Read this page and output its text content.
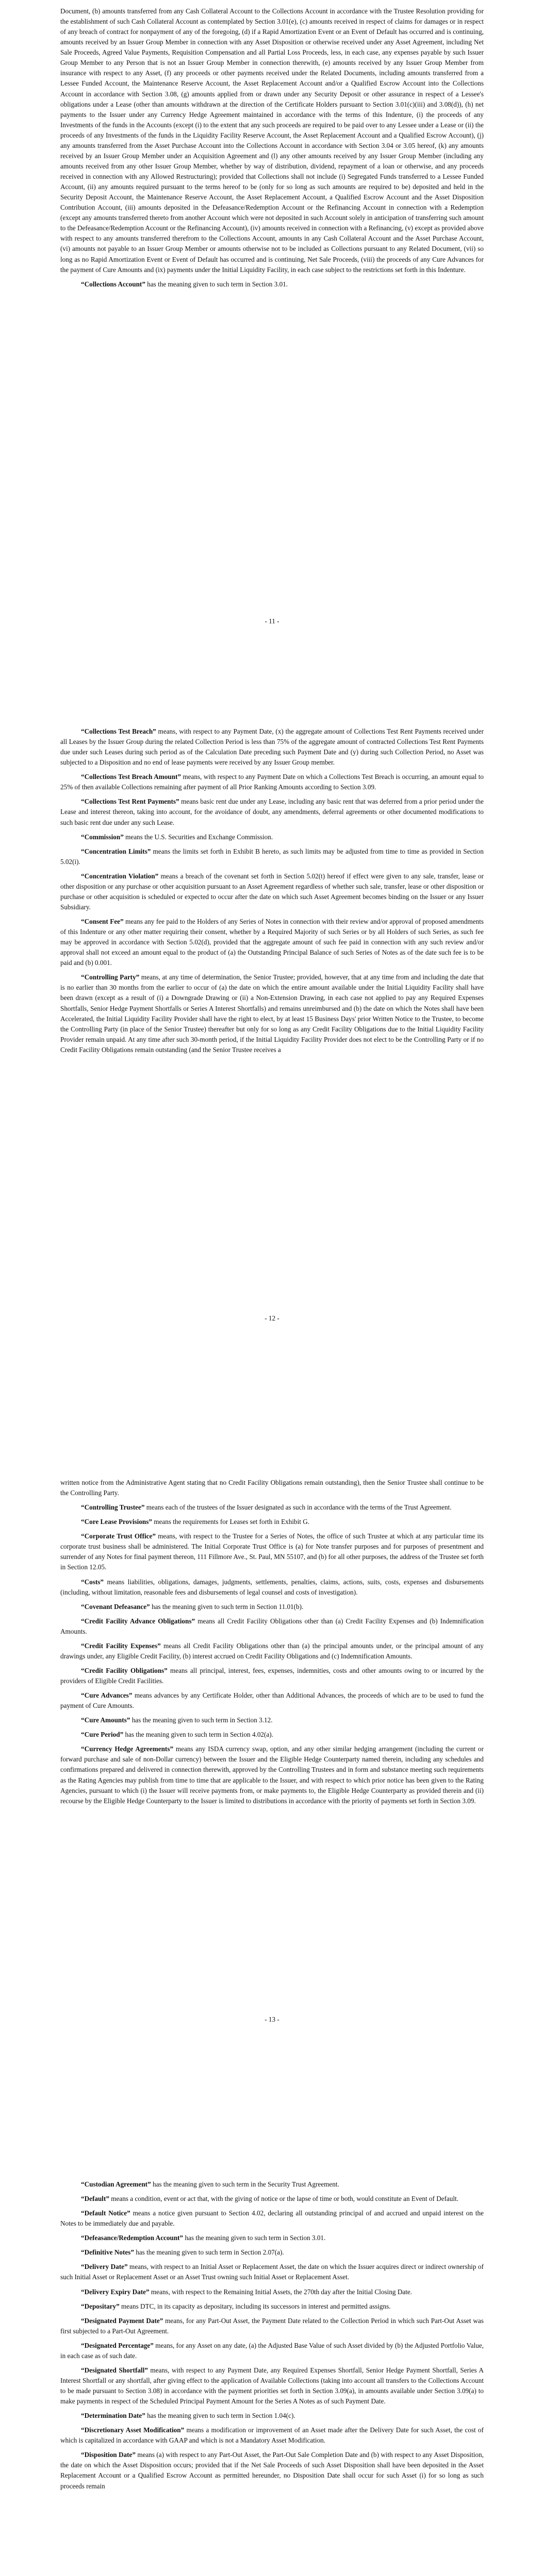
Document, (b) amounts transferred from any Cash Collateral Account to the Collections Account in accordance with the Trustee Resolution providing for the establishment of such Cash Collateral Account as contemplated by Section 3.01(e), (c) amounts received in respect of claims for damages or in respect of any breach of contract for nonpayment of any of the foregoing, (d) if a Rapid Amortization Event or an Event of Default has occurred and is continuing, amounts received by an Issuer Group Member in connection with any Asset Disposition or otherwise received under any Asset Agreement, including Net Sale Proceeds, Agreed Value Payments, Requisition Compensation and all Partial Loss Proceeds, less, in each case, any expenses payable by such Issuer Group Member to any Person that is not an Issuer Group Member in connection therewith, (e) amounts received by any Issuer Group Member from insurance with respect to any Asset, (f) any proceeds or other payments received under the Related Documents, including amounts transferred from a Lessee Funded Account, the Maintenance Reserve Account, the Asset Replacement Account and/or a Qualified Escrow Account into the Collections Account in accordance with Section 3.08, (g) amounts applied from or drawn under any Security Deposit or other assurance in respect of a Lessee's obligations under a Lease (other than amounts withdrawn at the direction of the Certificate Holders pursuant to Section 3.01(c)(iii) and 3.08(d)), (h) net payments to the Issuer under any Currency Hedge Agreement maintained in accordance with the terms of this Indenture, (i) the proceeds of any Investments of the funds in the Accounts (except (i) to the extent that any such proceeds are required to be paid over to any Lessee under a Lease or (ii) the proceeds of any Investments of the funds in the Liquidity Facility Reserve Account, the Asset Replacement Account and a Qualified Escrow Account), (j) any amounts transferred from the Asset Purchase Account into the Collections Account in accordance with Section 3.04 or 3.05 hereof, (k) any amounts received by an Issuer Group Member under an Acquisition Agreement and (l) any other amounts received by any Issuer Group Member (including any amounts received from any other Issuer Group Member, whether by way of distribution, dividend, repayment of a loan or otherwise, and any proceeds received in connection with any Allowed Restructuring); provided that Collections shall not include (i) Segregated Funds transferred to a Lessee Funded Account, (ii) any amounts required pursuant to the terms hereof to be (only for so long as such amounts are required to be) deposited and held in the Security Deposit Account, the Maintenance Reserve Account, the Asset Replacement Account, a Qualified Escrow Account and the Asset Disposition Contribution Account, (iii) amounts deposited in the Defeasance/Redemption Account or the Refinancing Account in connection with a Redemption (except any amounts transferred thereto from another Account which were not deposited in such Account solely in anticipation of transferring such amount to the Defeasance/Redemption Account or the Refinancing Account), (iv) amounts received in connection with a Refinancing, (v) except as provided above with respect to any amounts transferred therefrom to the Collections Account, amounts in any Cash Collateral Account and the Asset Purchase Account, (vi) amounts not payable to an Issuer Group Member or amounts otherwise not to be included as Collections pursuant to any Related Document, (vii) so long as no Rapid Amortization Event or Event of Default has occurred and is continuing, Net Sale Proceeds, (viii) the proceeds of any Cure Advances for the payment of Cure Amounts and (ix) payments under the Initial Liquidity Facility, in each case subject to the restrictions set forth in this Indenture.

“Collections Account” has the meaning given to such term in Section 3.01.

- 11 -

“Collections Test Breach” means, with respect to any Payment Date, (x) the aggregate amount of Collections Test Rent Payments received under all Leases by the Issuer Group during the related Collection Period is less than 75% of the aggregate amount of contracted Collections Test Rent Payments due under such Leases during such period as of the Calculation Date preceding such Payment Date and (y) during such Collection Period, no Asset was subjected to a Disposition and no end of lease payments were received by any Issuer Group member.

“Collections Test Breach Amount” means, with respect to any Payment Date on which a Collections Test Breach is occurring, an amount equal to 25% of then available Collections remaining after payment of all Prior Ranking Amounts according to Section 3.09.

“Collections Test Rent Payments” means basic rent due under any Lease, including any basic rent that was deferred from a prior period under the Lease and interest thereon, taking into account, for the avoidance of doubt, any amendments, deferral agreements or other documented modifications to such basic rent due under any such Lease.

“Commission” means the U.S. Securities and Exchange Commission.

“Concentration Limits” means the limits set forth in Exhibit B hereto, as such limits may be adjusted from time to time as provided in Section 5.02(i).

“Concentration Violation” means a breach of the covenant set forth in Section 5.02(t) hereof if effect were given to any sale, transfer, lease or other disposition or any purchase or other acquisition pursuant to an Asset Agreement regardless of whether such sale, transfer, lease or other disposition or purchase or other acquisition is scheduled or expected to occur after the date on which such Asset Agreement becomes binding on the Issuer or any Issuer Subsidiary.

“Consent Fee” means any fee paid to the Holders of any Series of Notes in connection with their review and/or approval of proposed amendments of this Indenture or any other matter requiring their consent, whether by a Required Majority of such Series or by all Holders of such Series, as such fee may be approved in accordance with Section 5.02(d), provided that the aggregate amount of such fee paid in connection with any such review and/or approval shall not exceed an amount equal to the product of (a) the Outstanding Principal Balance of such Series of Notes as of the date such fee is to be paid and (b) 0.001.

“Controlling Party” means, at any time of determination, the Senior Trustee; provided, however, that at any time from and including the date that is no earlier than 30 months from the earlier to occur of (a) the date on which the entire amount available under the Initial Liquidity Facility shall have been drawn (except as a result of (i) a Downgrade Drawing or (ii) a Non-Extension Drawing, in each case not applied to pay any Required Expenses Shortfalls, Senior Hedge Payment Shortfalls or Series A Interest Shortfalls) and remains unreimbursed and (b) the date on which the Notes shall have been Accelerated, the Initial Liquidity Facility Provider shall have the right to elect, by at least 15 Business Days' prior Written Notice to the Trustee, to become the Controlling Party (in place of the Senior Trustee) thereafter but only for so long as any Credit Facility Obligations due to the Initial Liquidity Facility Provider remain unpaid. At any time after such 30-month period, if the Initial Liquidity Facility Provider does not elect to be the Controlling Party or if no Credit Facility Obligations remain outstanding (and the Senior Trustee receives a

- 12 -

written notice from the Administrative Agent stating that no Credit Facility Obligations remain outstanding), then the Senior Trustee shall continue to be the Controlling Party.

“Controlling Trustee” means each of the trustees of the Issuer designated as such in accordance with the terms of the Trust Agreement.

“Core Lease Provisions” means the requirements for Leases set forth in Exhibit G.

“Corporate Trust Office” means, with respect to the Trustee for a Series of Notes, the office of such Trustee at which at any particular time its corporate trust business shall be administered. The Initial Corporate Trust Office is (a) for Note transfer purposes and for purposes of presentment and surrender of any Notes for final payment thereon, 111 Fillmore Ave., St. Paul, MN 55107, and (b) for all other purposes, the address of the Trustee set forth in Section 12.05.

“Costs” means liabilities, obligations, damages, judgments, settlements, penalties, claims, actions, suits, costs, expenses and disbursements (including, without limitation, reasonable fees and disbursements of legal counsel and costs of investigation).

“Covenant Defeasance” has the meaning given to such term in Section 11.01(b).

“Credit Facility Advance Obligations” means all Credit Facility Obligations other than (a) Credit Facility Expenses and (b) Indemnification Amounts.

“Credit Facility Expenses” means all Credit Facility Obligations other than (a) the principal amounts under, or the principal amount of any drawings under, any Eligible Credit Facility, (b) interest accrued on Credit Facility Obligations and (c) Indemnification Amounts.

“Credit Facility Obligations” means all principal, interest, fees, expenses, indemnities, costs and other amounts owing to or incurred by the providers of Eligible Credit Facilities.

“Cure Advances” means advances by any Certificate Holder, other than Additional Advances, the proceeds of which are to be used to fund the payment of Cure Amounts.

“Cure Amounts” has the meaning given to such term in Section 3.12.

“Cure Period” has the meaning given to such term in Section 4.02(a).

“Currency Hedge Agreements” means any ISDA currency swap, option, and any other similar hedging arrangement (including the current or forward purchase and sale of non-Dollar currency) between the Issuer and the Eligible Hedge Counterparty named therein, including any schedules and confirmations prepared and delivered in connection therewith, approved by the Controlling Trustees and in form and substance meeting such requirements as the Rating Agencies may publish from time to time that are applicable to the Issuer, and with respect to which prior notice has been given to the Rating Agencies, pursuant to which (i) the Issuer will receive payments from, or make payments to, the Eligible Hedge Counterparty as provided therein and (ii) recourse by the Eligible Hedge Counterparty to the Issuer is limited to distributions in accordance with the priority of payments set forth in Section 3.09.

- 13 -

“Custodian Agreement” has the meaning given to such term in the Security Trust Agreement.

“Default” means a condition, event or act that, with the giving of notice or the lapse of time or both, would constitute an Event of Default.

“Default Notice” means a notice given pursuant to Section 4.02, declaring all outstanding principal of and accrued and unpaid interest on the Notes to be immediately due and payable.

“Defeasance/Redemption Account” has the meaning given to such term in Section 3.01.

“Definitive Notes” has the meaning given to such term in Section 2.07(a).

“Delivery Date” means, with respect to an Initial Asset or Replacement Asset, the date on which the Issuer acquires direct or indirect ownership of such Initial Asset or Replacement Asset or an Asset Trust owning such Initial Asset or Replacement Asset.

“Delivery Expiry Date” means, with respect to the Remaining Initial Assets, the 270th day after the Initial Closing Date.

“Depositary” means DTC, in its capacity as depositary, including its successors in interest and permitted assigns.

“Designated Payment Date” means, for any Part-Out Asset, the Payment Date related to the Collection Period in which such Part-Out Asset was first subjected to a Part-Out Agreement.

“Designated Percentage” means, for any Asset on any date, (a) the Adjusted Base Value of such Asset divided by (b) the Adjusted Portfolio Value, in each case as of such date.

“Designated Shortfall” means, with respect to any Payment Date, any Required Expenses Shortfall, Senior Hedge Payment Shortfall, Series A Interest Shortfall or any shortfall, after giving effect to the application of Available Collections (taking into account all transfers to the Collections Account to be made pursuant to Section 3.08) in accordance with the payment priorities set forth in Section 3.09(a), in amounts available under Section 3.09(a) to make payments in respect of the Scheduled Principal Payment Amount for the Series A Notes as of such Payment Date.

“Determination Date” has the meaning given to such term in Section 1.04(c).

“Discretionary Asset Modification” means a modification or improvement of an Asset made after the Delivery Date for such Asset, the cost of which is capitalized in accordance with GAAP and which is not a Mandatory Asset Modification.

“Disposition Date” means (a) with respect to any Part-Out Asset, the Part-Out Sale Completion Date and (b) with respect to any Asset Disposition, the date on which the Asset Disposition occurs; provided that if the Net Sale Proceeds of such Asset Disposition shall have been deposited in the Asset Replacement Account or a Qualified Escrow Account as permitted hereunder, no Disposition Date shall occur for such Asset (i) for so long as such proceeds remain
